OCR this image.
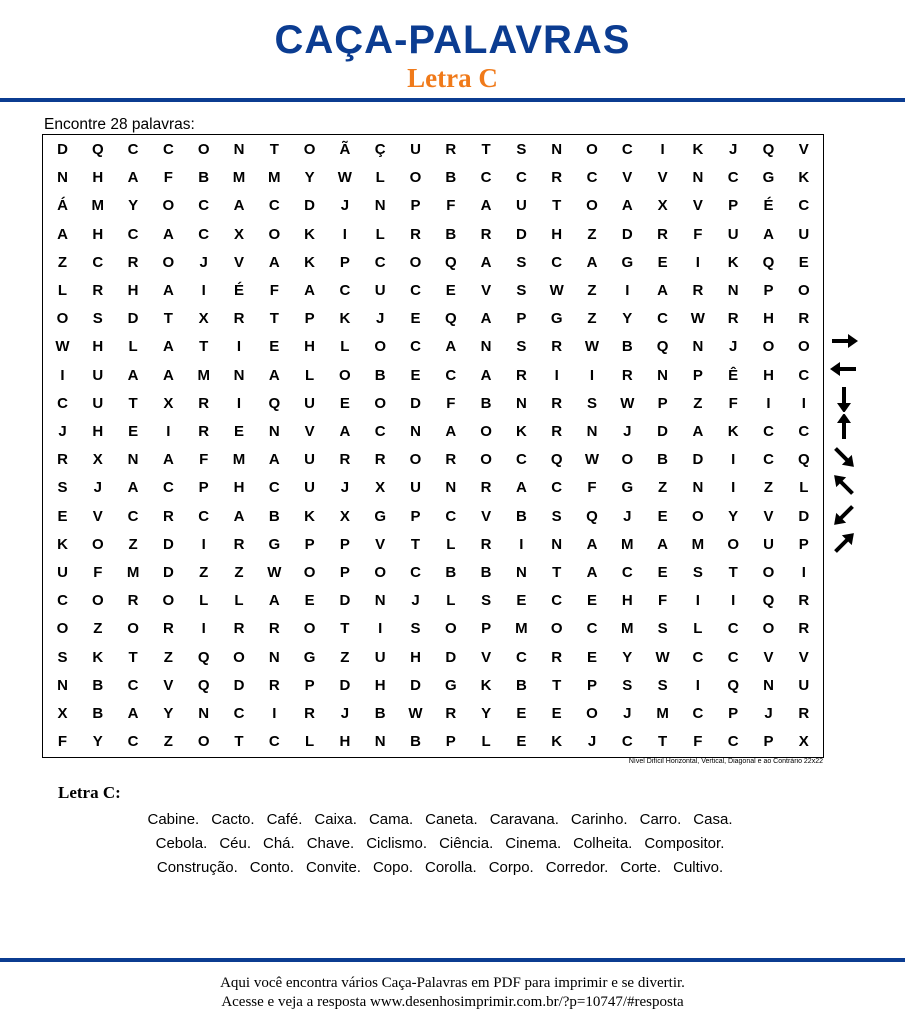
CAÇA-PALAVRAS
Letra C
Encontre 28 palavras:
D	Q	C	C	O	N	T	O	Ã	Ç	U	R	T	S	N	O	C	I	K	J	Q	V
N	H	A	F	B	M	M	Y	W	L	O	B	C	C	R	C	V	V	N	C	G	K
Á	M	Y	O	C	A	C	D	J	N	P	F	A	U	T	O	A	X	V	P	É	C
A	H	C	A	C	X	O	K	I	L	R	B	R	D	H	Z	D	R	F	U	A	U
Z	C	R	O	J	V	A	K	P	C	O	Q	A	S	C	A	G	E	I	K	Q	E
L	R	H	A	I	É	F	A	C	U	C	E	V	S	W	Z	I	A	R	N	P	O
O	S	D	T	X	R	T	P	K	J	E	Q	A	P	G	Z	Y	C	W	R	H	R
W	H	L	A	T	I	E	H	L	O	C	A	N	S	R	W	B	Q	N	J	O	O
I	U	A	A	M	N	A	L	O	B	E	C	A	R	I	I	R	N	P	Ê	H	C
C	U	T	X	R	I	Q	U	E	O	D	F	B	N	R	S	W	P	Z	F	I	I
J	H	E	I	R	E	N	V	A	C	N	A	O	K	R	N	J	D	A	K	C	C
R	X	N	A	F	M	A	U	R	R	O	R	O	C	Q	W	O	B	D	I	C	Q
S	J	A	C	P	H	C	U	J	X	U	N	R	A	C	F	G	Z	N	I	Z	L
E	V	C	R	C	A	B	K	X	G	P	C	V	B	S	Q	J	E	O	Y	V	D
K	O	Z	D	I	R	G	P	P	V	T	L	R	I	N	A	M	A	M	O	U	P
U	F	M	D	Z	Z	W	O	P	O	C	B	B	N	T	A	C	E	S	T	O	I
C	O	R	O	L	L	A	E	D	N	J	L	S	E	C	E	H	F	I	I	Q	R
O	Z	O	R	I	R	R	O	T	I	S	O	P	M	O	C	M	S	L	C	O	R
S	K	T	Z	Q	O	N	G	Z	U	H	D	V	C	R	E	Y	W	C	C	V	V
N	B	C	V	Q	D	R	P	D	H	D	G	K	B	T	P	S	S	I	Q	N	U
X	B	A	Y	N	C	I	R	J	B	W	R	Y	E	E	O	J	M	C	P	J	R
F	Y	C	Z	O	T	C	L	H	N	B	P	L	E	K	J	C	T	F	C	P	X
Nível Difícil Horizontal, Vertical, Diagonal e ao Contrário 22x22
Letra C:
Cabine. Cacto. Café. Caixa. Cama. Caneta. Caravana. Carinho. Carro. Casa.
Cebola. Céu. Chá. Chave. Ciclismo. Ciência. Cinema. Colheita. Compositor.
Construção. Conto. Convite. Copo. Corolla. Corpo. Corredor. Corte. Cultivo.
Aqui você encontra vários Caça-Palavras em PDF para imprimir e se divertir.
Acesse e veja a resposta www.desenhosimprimir.com.br/?p=10747/#resposta
